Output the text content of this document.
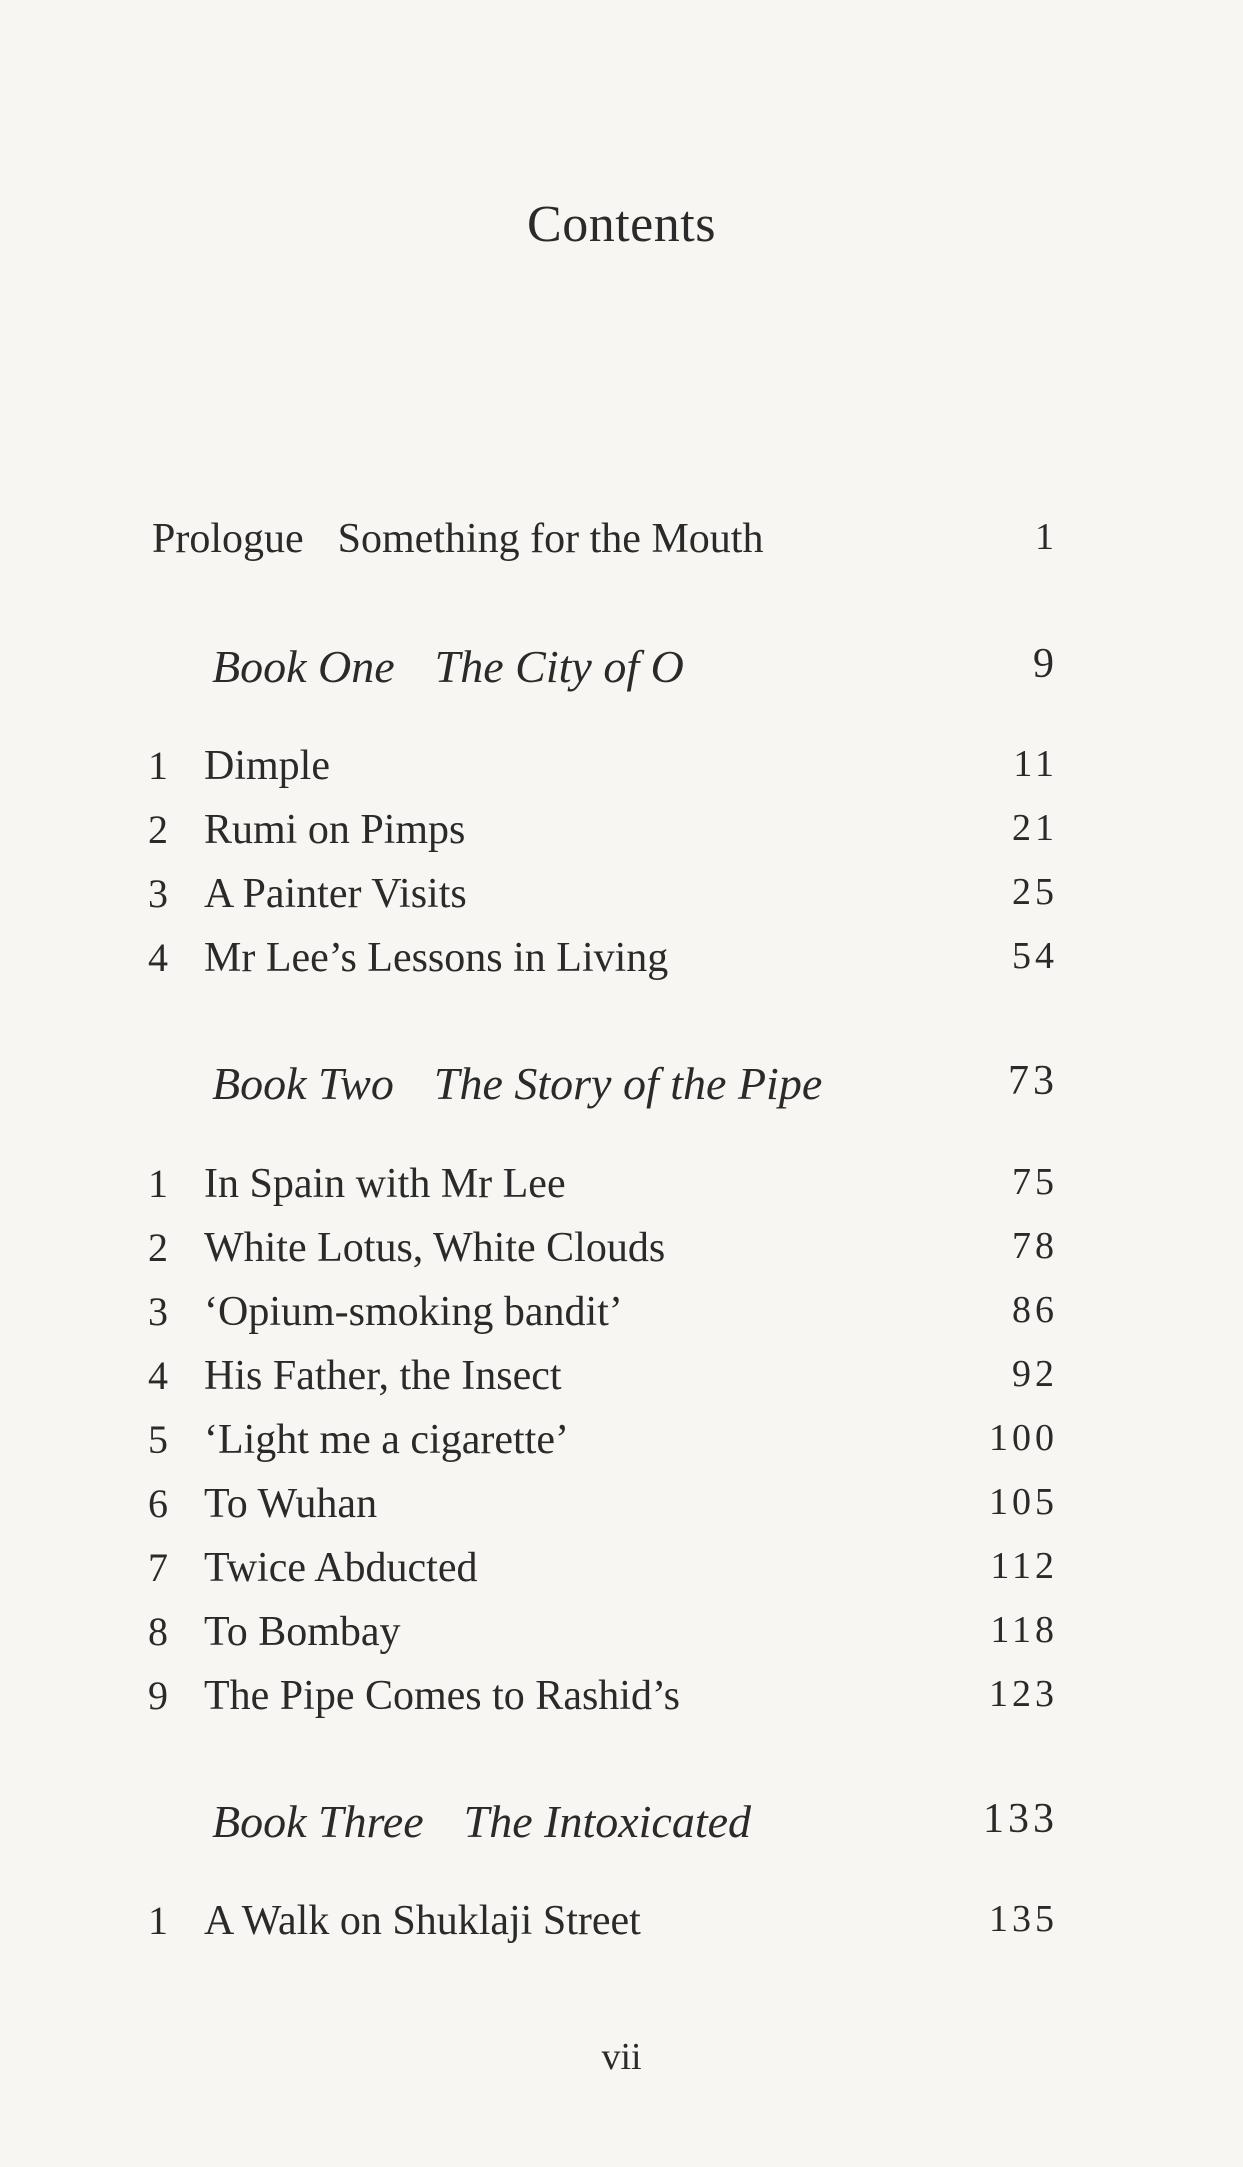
Contents
Prologue Something for the Mouth	1
Book One The City of O	9
1 Dimple	11
2 Rumi on Pimps	21
3 A Painter Visits	25
4 Mr Lee’s Lessons in Living	54
Book Two The Story of the Pipe	73
1 In Spain with Mr Lee	75
2 White Lotus, White Clouds	78
3 ‘Opium-smoking bandit’	86
4 His Father, the Insect	92
5 ‘Light me a cigarette’	100
6 To Wuhan	105
7 Twice Abducted	112
8 To Bombay	118
9 The Pipe Comes to Rashid’s	123
Book Three The Intoxicated	133
1 A Walk on Shuklaji Street	135
vii
